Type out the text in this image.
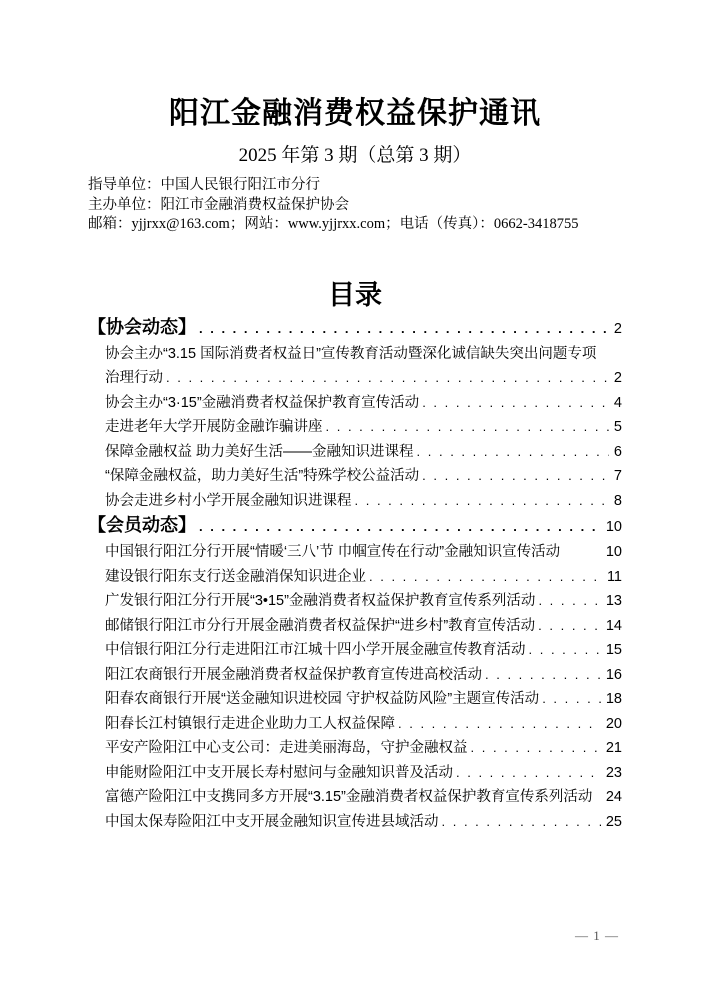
阳江金融消费权益保护通讯
2025 年第 3 期（总第 3 期）
指导单位：中国人民银行阳江市分行
主办单位：阳江市金融消费权益保护协会
邮箱：yjjrxx@163.com；网站：www.yjjrxx.com；电话（传真）：0662-3418755
目录
【协会动态】 . . .	2
协会主办“3.15 国际消费者权益日”宣传教育活动暨深化诚信缺失突出问题专项
治理行动 . . .	2
协会主办“3·15”金融消费者权益保护教育宣传活动 . . .	4
走进老年大学开展防金融诈骗讲座 . . .	5
保障金融权益 助力美好生活——金融知识进课程 . . .	6
“保障金融权益，助力美好生活”特殊学校公益活动 . . .	7
协会走进乡村小学开展金融知识进课程 . . .	8
【会员动态】 . . .	10
中国银行阳江分行开展“情暖‘三八’节 巾帼宣传在行动”金融知识宣传活动	10
建设银行阳东支行送金融消保知识进企业 . . .	11
广发银行阳江分行开展“3•15”金融消费者权益保护教育宣传系列活动 . . .	13
邮储银行阳江市分行开展金融消费者权益保护“进乡村”教育宣传活动 . . .	14
中信银行阳江分行走进阳江市江城十四小学开展金融宣传教育活动 . . .	15
阳江农商银行开展金融消费者权益保护教育宣传进高校活动 . . .	16
阳春农商银行开展“送金融知识进校园 守护权益防风险”主题宣传活动 . . .	18
阳春长江村镇银行走进企业助力工人权益保障 . . .	20
平安产险阳江中心支公司：走进美丽海岛，守护金融权益 . . .	21
申能财险阳江中支开展长寿村慰问与金融知识普及活动 . . .	23
富德产险阳江中支携同多方开展“3.15”金融消费者权益保护教育宣传系列活动 24
中国太保寿险阳江中支开展金融知识宣传进县域活动 . . .	25
— 1 —
